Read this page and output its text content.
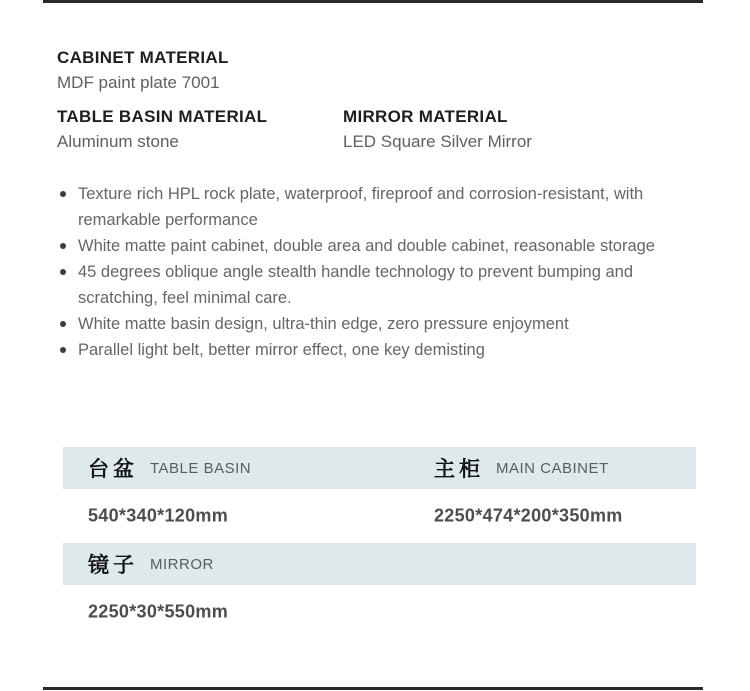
CABINET MATERIAL

MDF paint plate 7001

TABLE BASIN MATERIAL

Aluminum stone

MIRROR MATERIAL

LED Square Silver Mirror

Texture rich HPL rock plate, waterproof, fireproof and corrosion-resistant, with remarkable performance
White matte paint cabinet, double area and double cabinet, reasonable storage
45 degrees oblique angle stealth handle technology to prevent bumping and scratching, feel minimal care.
White matte basin design, ultra-thin edge, zero pressure enjoyment
Parallel light belt, better mirror effect, one key demisting
台盆 TABLE BASIN	主柜 MAIN CABINET
540*340*120mm	2250*474*200*350mm
镜子 MIRROR
2250*30*550mm
